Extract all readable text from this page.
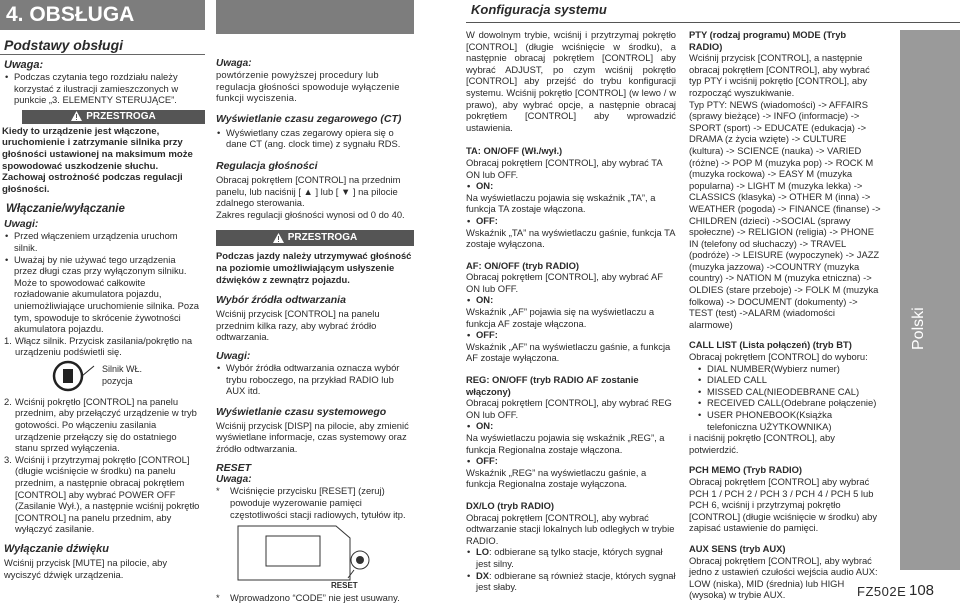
4. OBSŁUGA
Podstawy obsługi
Uwaga:
• Podczas czytania tego rozdziału należy korzystać z ilustracji zamieszczonych w punkcie „3. ELEMENTY STERUJĄCE”.
PRZESTROGA
Kiedy to urządzenie jest włączone, uruchomienie i zatrzymanie silnika przy głośności ustawionej na maksimum może spowodować uszkodzenie słuchu. Zachowaj ostrożność podczas regulacji głośności.
Włączanie/wyłączanie
Uwagi:
• Przed włączeniem urządzenia uruchom silnik.
• Uważaj by nie używać tego urządzenia przez długi czas przy wyłączonym silniku. Może to spowodować całkowite rozładowanie akumulatora pojazdu, uniemożliwiające uruchomienie silnika. Poza tym, spowoduje to skrócenie żywotności akumulatora pojazdu.
1. Włącz silnik. Przycisk zasilania/pokrętło na urządzeniu podświetli się.
Silnik WŁ.
pozycja
2. Wciśnij pokrętło [CONTROL] na panelu przednim, aby przełączyć urządzenie w tryb gotowości. Po włączeniu zasilania urządzenie przełączy się do ostatniego stanu sprzed wyłączenia.
3. Wciśnij i przytrzymaj pokrętło [CONTROL] (długie wciśnięcie w środku) na panelu przednim, a następnie obracaj pokrętłem [CONTROL] aby wybrać POWER OFF (Zasilanie Wył.), a następnie wciśnij pokrętło [CONTROL] na panelu przednim, aby wyłączyć zasilanie.
Wyłączanie dźwięku
Wciśnij przycisk [MUTE] na pilocie, aby wyciszyć dźwięk urządzenia.
Uwaga:
powtórzenie powyższej procedury lub regulacja głośności spowoduje wyłączenie funkcji wyciszenia.
Wyświetlanie czasu zegarowego (CT)
• Wyświetlany czas zegarowy opiera się o dane CT (ang. clock time) z sygnału RDS.
Regulacja głośności
Obracaj pokrętłem [CONTROL] na przednim panelu, lub naciśnij [ ▲ ] lub [ ▼ ] na pilocie zdalnego sterowania.
Zakres regulacji głośności wynosi od 0 do 40.
PRZESTROGA
Podczas jazdy należy utrzymywać głośność na poziomie umożliwiającym usłyszenie dźwięków z zewnątrz pojazdu.
Wybór źródła odtwarzania
Wciśnij przycisk [CONTROL] na panelu przednim kilka razy, aby wybrać źródło odtwarzania.
Uwagi:
• Wybór źródła odtwarzania oznacza wybór trybu roboczego, na przykład RADIO lub AUX itd.
Wyświetlanie czasu systemowego
Wciśnij przycisk [DISP] na pilocie, aby zmienić wyświetlane informacje, czas systemowy oraz źródło odtwarzania.
RESET
Uwaga:
* Wciśnięcie przycisku [RESET] (zeruj) powoduje wyzerowanie pamięci częstotliwości stacji radiowych, tytułów itp.
RESET
* Wprowadzono “CODE” nie jest usuwany.
Konfiguracja systemu
W dowolnym trybie, wciśnij i przytrzymaj pokrętło [CONTROL] (długie wciśnięcie w środku), a następnie obracaj pokrętłem [CONTROL] aby wybrać ADJUST, po czym wciśnij pokrętło [CONTROL] aby przejść do trybu konfiguracji systemu. Wciśnij pokrętło [CONTROL] (w lewo / w prawo), aby wybrać opcje, a następnie obracaj pokrętłem [CONTROL] aby wprowadzić ustawienia.
TA: ON/OFF (Wł./wył.)
Obracaj pokrętłem [CONTROL], aby wybrać TA ON lub OFF.
• ON:
Na wyświetlaczu pojawia się wskaźnik „TA”, a funkcja TA zostaje włączona.
• OFF:
Wskaźnik „TA” na wyświetlaczu gaśnie, funkcja TA zostaje wyłączona.
AF: ON/OFF (tryb RADIO)
Obracaj pokrętłem [CONTROL], aby wybrać AF ON lub OFF.
• ON:
Wskaźnik „AF” pojawia się na wyświetlaczu a funkcja AF zostaje włączona.
• OFF:
Wskaźnik „AF” na wyświetlaczu gaśnie, a funkcja AF zostaje wyłączona.
REG: ON/OFF (tryb RADIO AF zostanie włączony)
Obracaj pokrętłem [CONTROL], aby wybrać REG ON lub OFF.
• ON:
Na wyświetlaczu pojawia się wskaźnik „REG”, a funkcja Regionalna zostaje włączona.
• OFF:
Wskaźnik „REG” na wyświetlaczu gaśnie, a funkcja Regionalna zostaje wyłączona.
DX/LO (tryb RADIO)
Obracaj pokrętłem [CONTROL], aby wybrać odtwarzanie stacji lokalnych lub odległych w trybie RADIO.
• LO: odbierane są tylko stacje, których sygnał jest silny.
• DX: odbierane są również stacje, których sygnał jest słaby.
PTY (rodzaj programu) MODE (Tryb RADIO)
Wciśnij przycisk [CONTROL], a następnie obracaj pokrętłem [CONTROL], aby wybrać typ PTY i wciśnij pokrętło [CONTROL], aby rozpocząć wyszukiwanie.
Typ PTY: NEWS (wiadomości) -> AFFAIRS (sprawy bieżące) -> INFO (informacje) -> SPORT (sport) -> EDUCATE (edukacja) -> DRAMA (z życia wzięte) -> CULTURE (kultura) -> SCIENCE (nauka) -> VARIED (różne) -> POP M (muzyka pop) -> ROCK M (muzyka rockowa) -> EASY M (muzyka popularna) -> LIGHT M (muzyka lekka) -> CLASSICS (klasyka) -> OTHER M (inna) -> WEATHER (pogoda) -> FINANCE (finanse) -> CHILDREN (dzieci) ->SOCIAL (sprawy społeczne) -> RELIGION (religia) -> PHONE IN (telefony od słuchaczy) -> TRAVEL (podróże) -> LEISURE (wypoczynek) -> JAZZ (muzyka jazzowa) ->COUNTRY (muzyka country) -> NATION M (muzyka etniczna) -> OLDIES (stare przeboje) -> FOLK M (muzyka folkowa) -> DOCUMENT (dokumenty) -> TEST (test) ->ALARM (wiadomości alarmowe)
CALL LIST (Lista połączeń) (tryb BT)
Obracaj pokrętłem [CONTROL] do wyboru:
• DIAL NUMBER(Wybierz numer)
• DIALED CALL
• MISSED CAL(NIEODEBRANE CAL)
• RECEIVED CALL(Odebrane połączenie)
• USER PHONEBOOK(Książka telefoniczna UŻYTKOWNIKA)
i naciśnij pokrętło [CONTROL], aby potwierdzić.
PCH MEMO (Tryb RADIO)
Obracaj pokrętłem [CONTROL] aby wybrać PCH 1 / PCH 2 / PCH 3 / PCH 4 / PCH 5 lub PCH 6, wciśnij i przytrzymaj pokrętło [CONTROL] (długie wciśnięcie w środku) aby zapisać ustawienie do pamięci.
AUX SENS (tryb AUX)
Obracaj pokrętłem [CONTROL], aby wybrać jedno z ustawień czułości wejścia audio AUX: LOW (niska), MID (średnia) lub HIGH (wysoka) w trybie AUX.
Polski
FZ502E 108
